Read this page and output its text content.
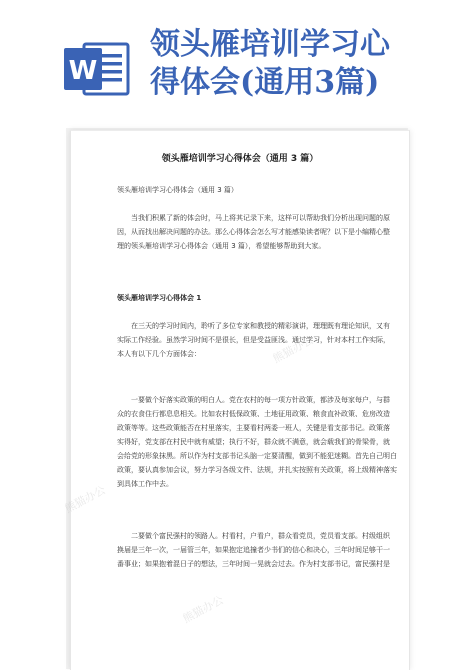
W
领头雁培训学习心
得体会(通用3篇)
领头雁培训学习心得体会（通用 3 篇）
领头雁培训学习心得体会（通用 3 篇）
当我们积累了新的体会时，马上将其记录下来，这样可以帮助我们分析出现问题的原
因，从而找出解决问题的办法。那么心得体会怎么写才能感染读者呢？以下是小编精心整
理的领头雁培训学习心得体会（通用 3 篇），希望能够帮助到大家。
领头雁培训学习心得体会 1
在三天的学习时间内，聆听了多位专家和教授的精彩演讲，理理既有理论知识，又有
实际工作经验。虽然学习时间不是很长，但是受益匪浅。通过学习，针对本村工作实际，
本人有以下几个方面体会：
一要做个好落实政策的明白人。党在农村的每一项方针政策，都涉及每家每户，与群
众的衣食住行都息息相关。比如农村低保政策、土地征用政策、粮食直补政策、危房改造
政策等等。这些政策能否在村里落实，主要看村两委一班人，关键是看支部书记。政策落
实得好，党支部在村民中就有威望；执行不好，群众就不满意，就会载我们的骨梁骨，就
会给党的形象抹黑。所以作为村支部书记头脑一定要清醒，做到不能犯迷糊。首先自己明白
政策，要认真参加会议，努力学习各级文件、法规，并扎实按照有关政策，将上级精神落实
到具体工作中去。
二要做个富民强村的领路人。村看村，户看户，群众看党员，党员看支部。村级组织
换届是三年一次，一届管三年，如果抱定追撞者少书们的信心和决心，三年时间足够干一
番事业；如果抱着混日子的想法，三年时间一晃就会过去。作为村支部书记，富民强村是
熊猫办公
熊猫办公
熊猫办公
